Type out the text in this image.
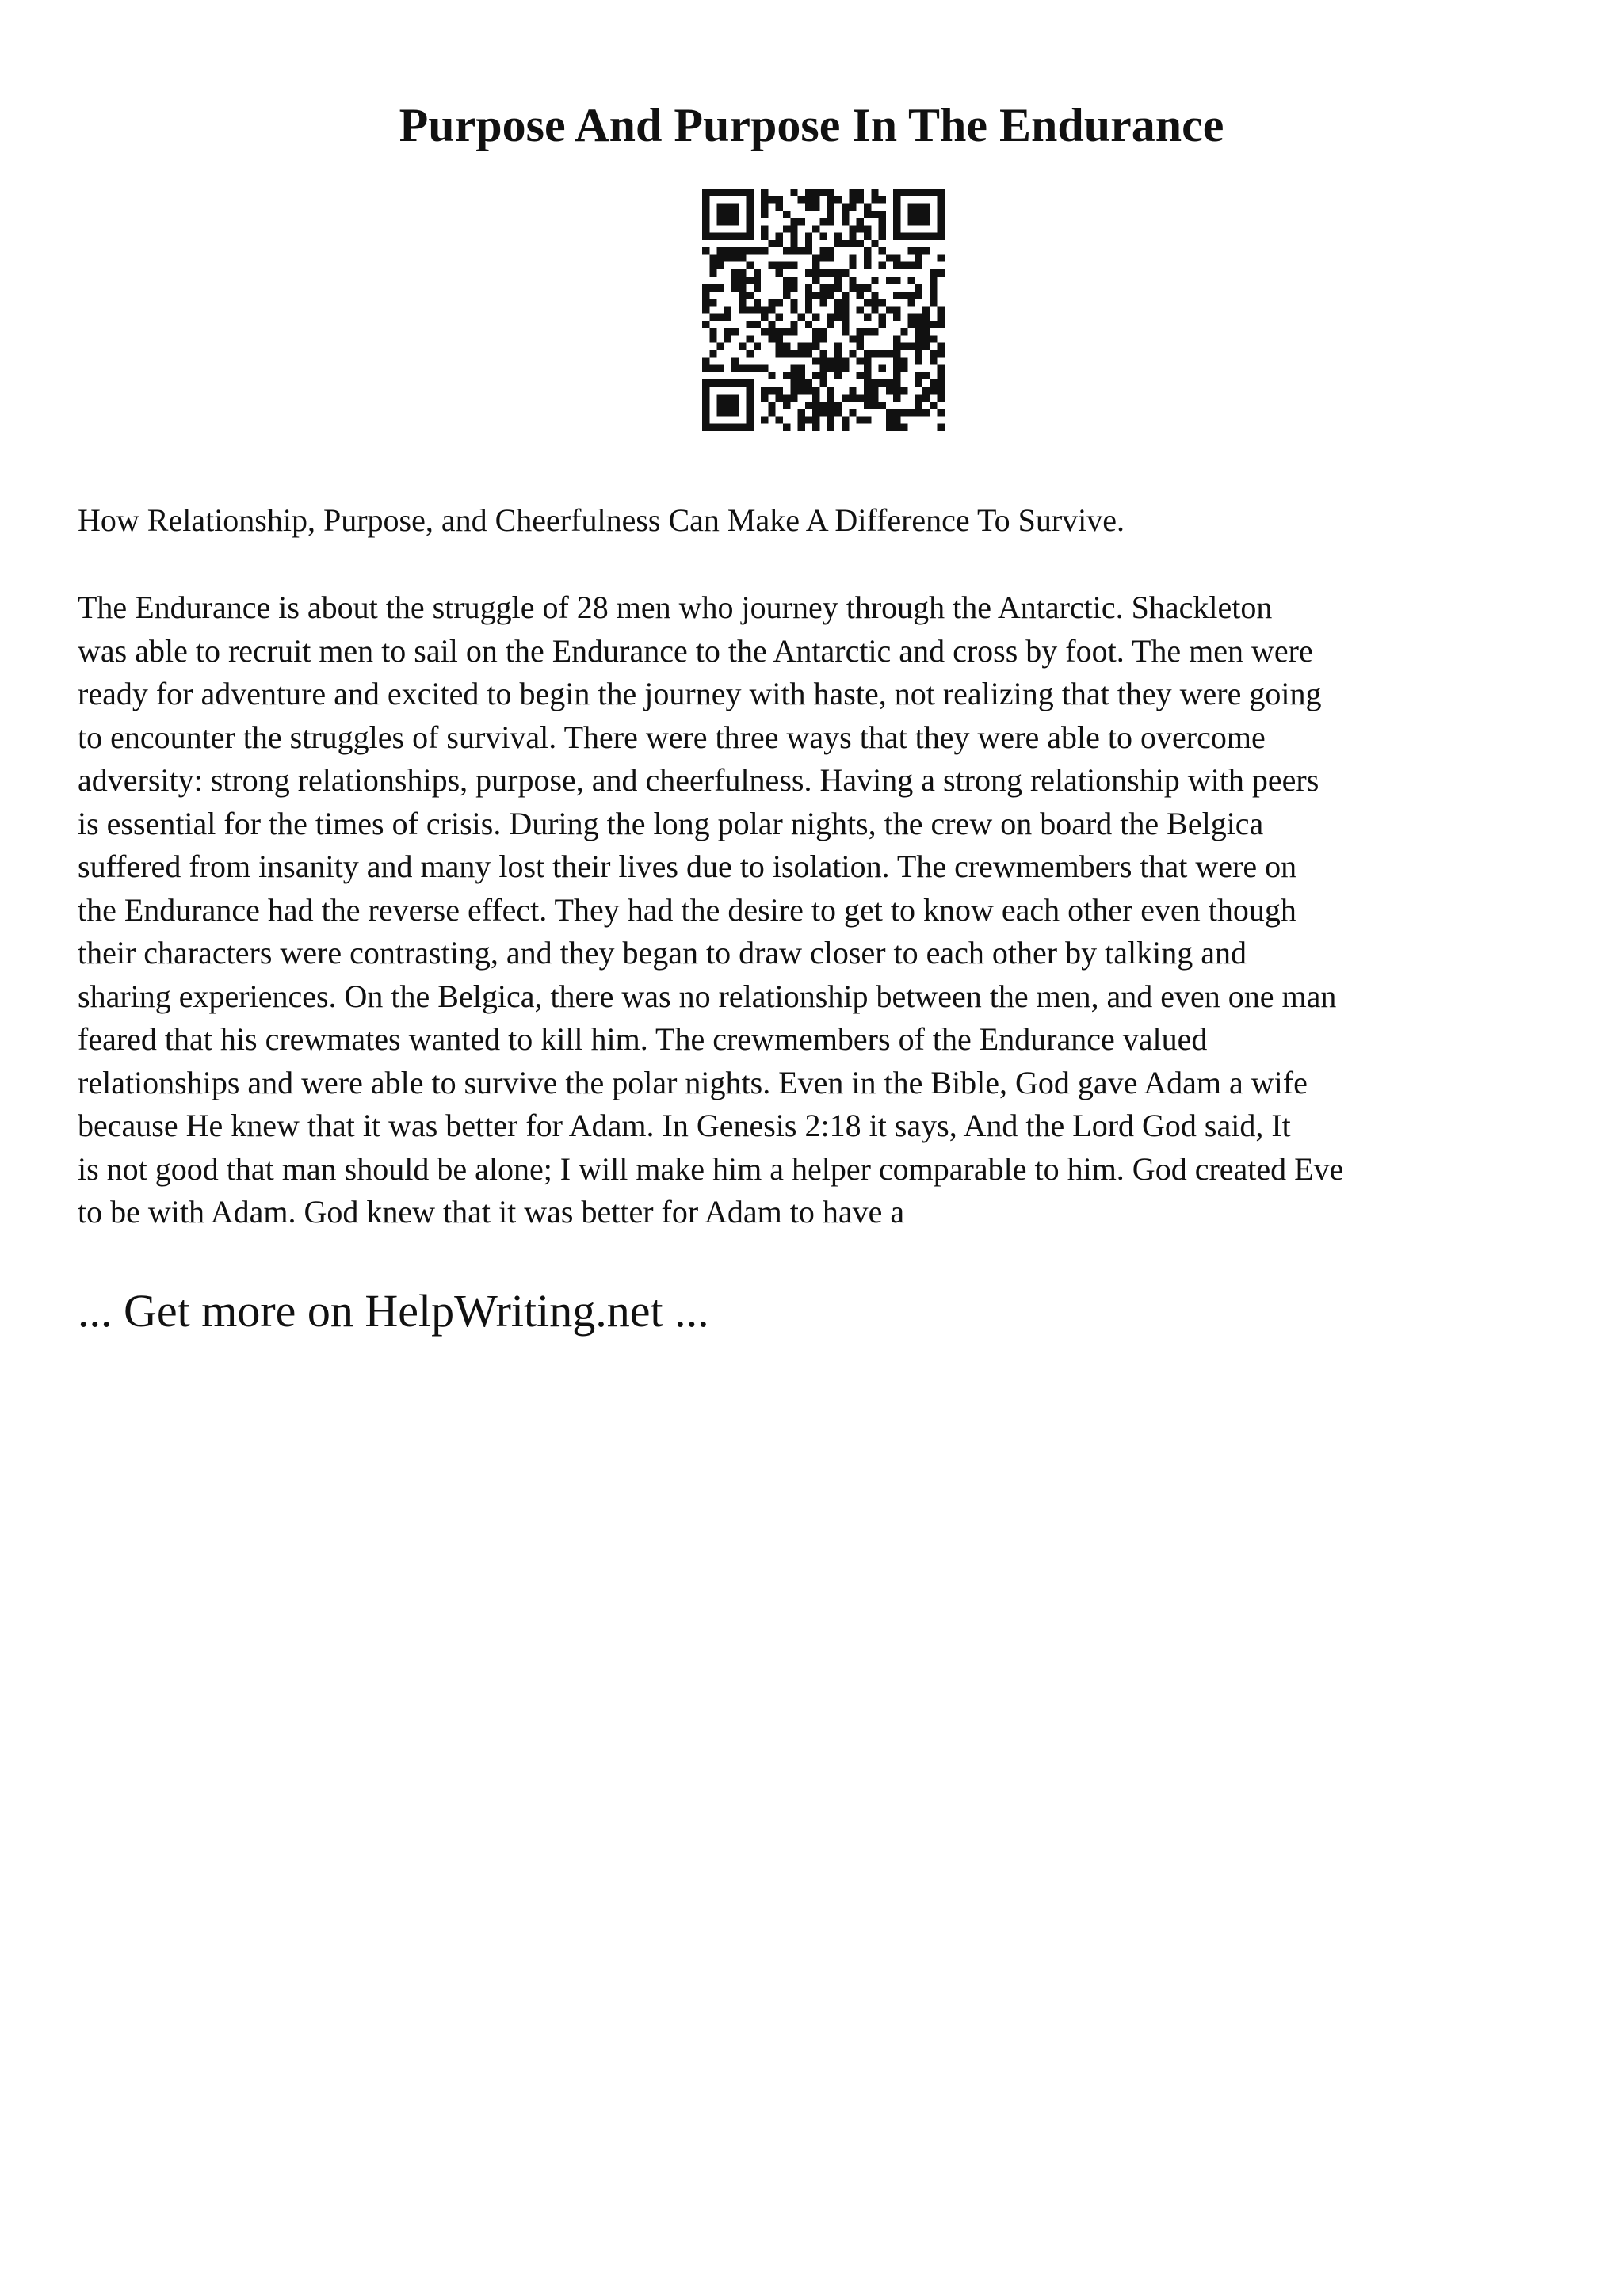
Purpose And Purpose In The Endurance

How Relationship, Purpose, and Cheerfulness Can Make A Difference To Survive.

The Endurance is about the struggle of 28 men who journey through the Antarctic. Shackleton
was able to recruit men to sail on the Endurance to the Antarctic and cross by foot. The men were
ready for adventure and excited to begin the journey with haste, not realizing that they were going
to encounter the struggles of survival. There were three ways that they were able to overcome
adversity: strong relationships, purpose, and cheerfulness. Having a strong relationship with peers
is essential for the times of crisis. During the long polar nights, the crew on board the Belgica
suffered from insanity and many lost their lives due to isolation. The crewmembers that were on
the Endurance had the reverse effect. They had the desire to get to know each other even though
their characters were contrasting, and they began to draw closer to each other by talking and
sharing experiences. On the Belgica, there was no relationship between the men, and even one man
feared that his crewmates wanted to kill him. The crewmembers of the Endurance valued
relationships and were able to survive the polar nights. Even in the Bible, God gave Adam a wife
because He knew that it was better for Adam. In Genesis 2:18 it says, And the Lord God said, It
is not good that man should be alone; I will make him a helper comparable to him. God created Eve
to be with Adam. God knew that it was better for Adam to have a

... Get more on HelpWriting.net ...
